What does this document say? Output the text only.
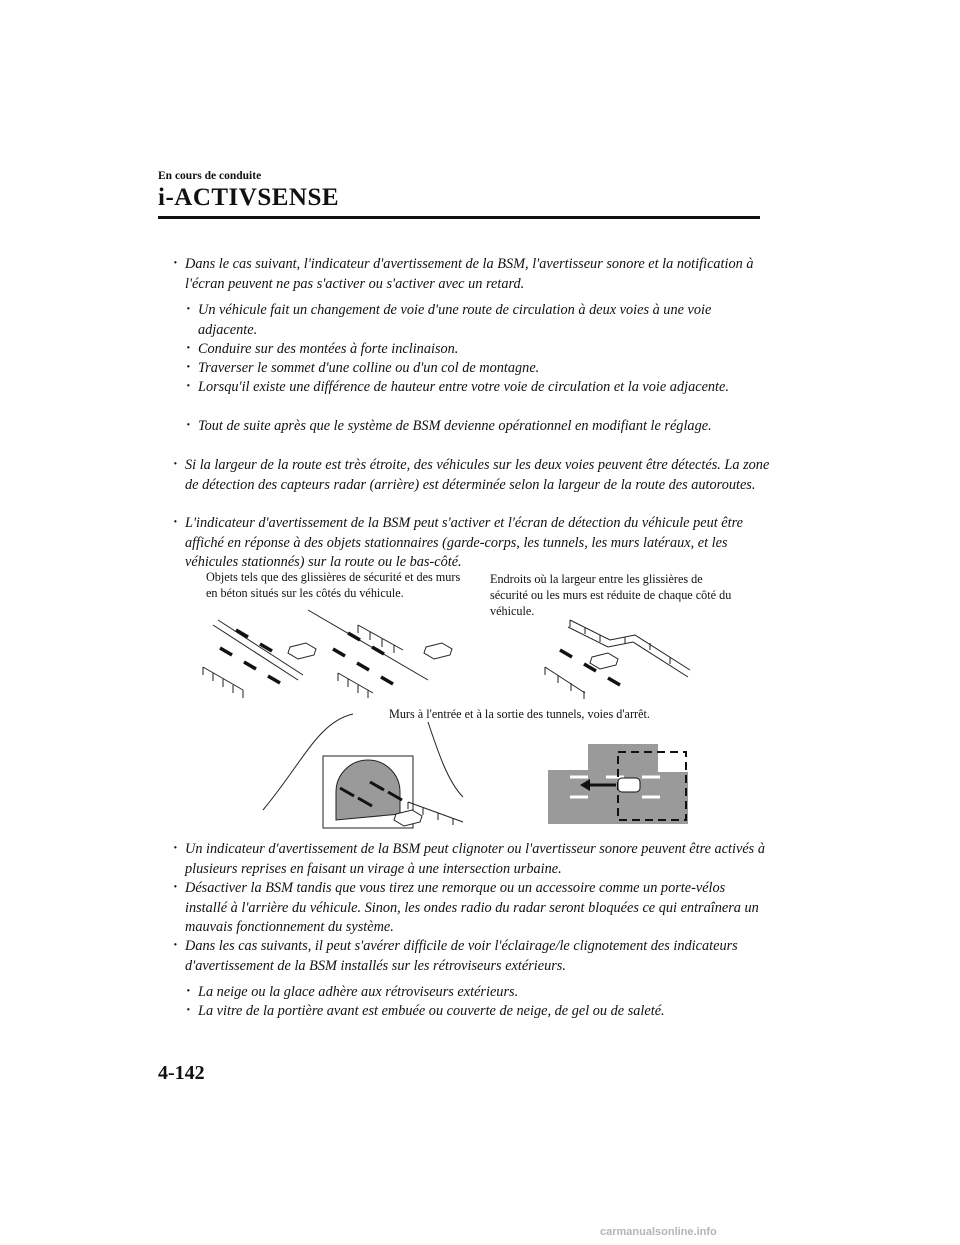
En cours de conduite
i-ACTIVSENSE

· Dans le cas suivant, l'indicateur d'avertissement de la BSM, l'avertisseur sonore et la notification à l'écran peuvent ne pas s'activer ou s'activer avec un retard.

· Un véhicule fait un changement de voie d'une route de circulation à deux voies à une voie adjacente.

· Conduire sur des montées à forte inclinaison.

· Traverser le sommet d'une colline ou d'un col de montagne.

· Lorsqu'il existe une différence de hauteur entre votre voie de circulation et la voie adjacente.

· Tout de suite après que le système de BSM devienne opérationnel en modifiant le réglage.

· Si la largeur de la route est très étroite, des véhicules sur les deux voies peuvent être détectés. La zone de détection des capteurs radar (arrière) est déterminée selon la largeur de la route des autoroutes.

· L'indicateur d'avertissement de la BSM peut s'activer et l'écran de détection du véhicule peut être affiché en réponse à des objets stationnaires (garde-corps, les tunnels, les murs latéraux, et les véhicules stationnés) sur la route ou le bas-côté.

Objets tels que des glissières de sécurité et des murs en béton situés sur les côtés du véhicule.

Endroits où la largeur entre les glissières de sécurité ou les murs est réduite de chaque côté du véhicule.

Murs à l'entrée et à la sortie des tunnels, voies d'arrêt.

· Un indicateur d'avertissement de la BSM peut clignoter ou l'avertisseur sonore peuvent être activés à plusieurs reprises en faisant un virage à une intersection urbaine.

· Désactiver la BSM tandis que vous tirez une remorque ou un accessoire comme un porte-vélos installé à l'arrière du véhicule. Sinon, les ondes radio du radar seront bloquées ce qui entraînera un mauvais fonctionnement du système.

· Dans les cas suivants, il peut s'avérer difficile de voir l'éclairage/le clignotement des indicateurs d'avertissement de la BSM installés sur les rétroviseurs extérieurs.

· La neige ou la glace adhère aux rétroviseurs extérieurs.

· La vitre de la portière avant est embuée ou couverte de neige, de gel ou de saleté.

4-142
carmanualsonline.info
